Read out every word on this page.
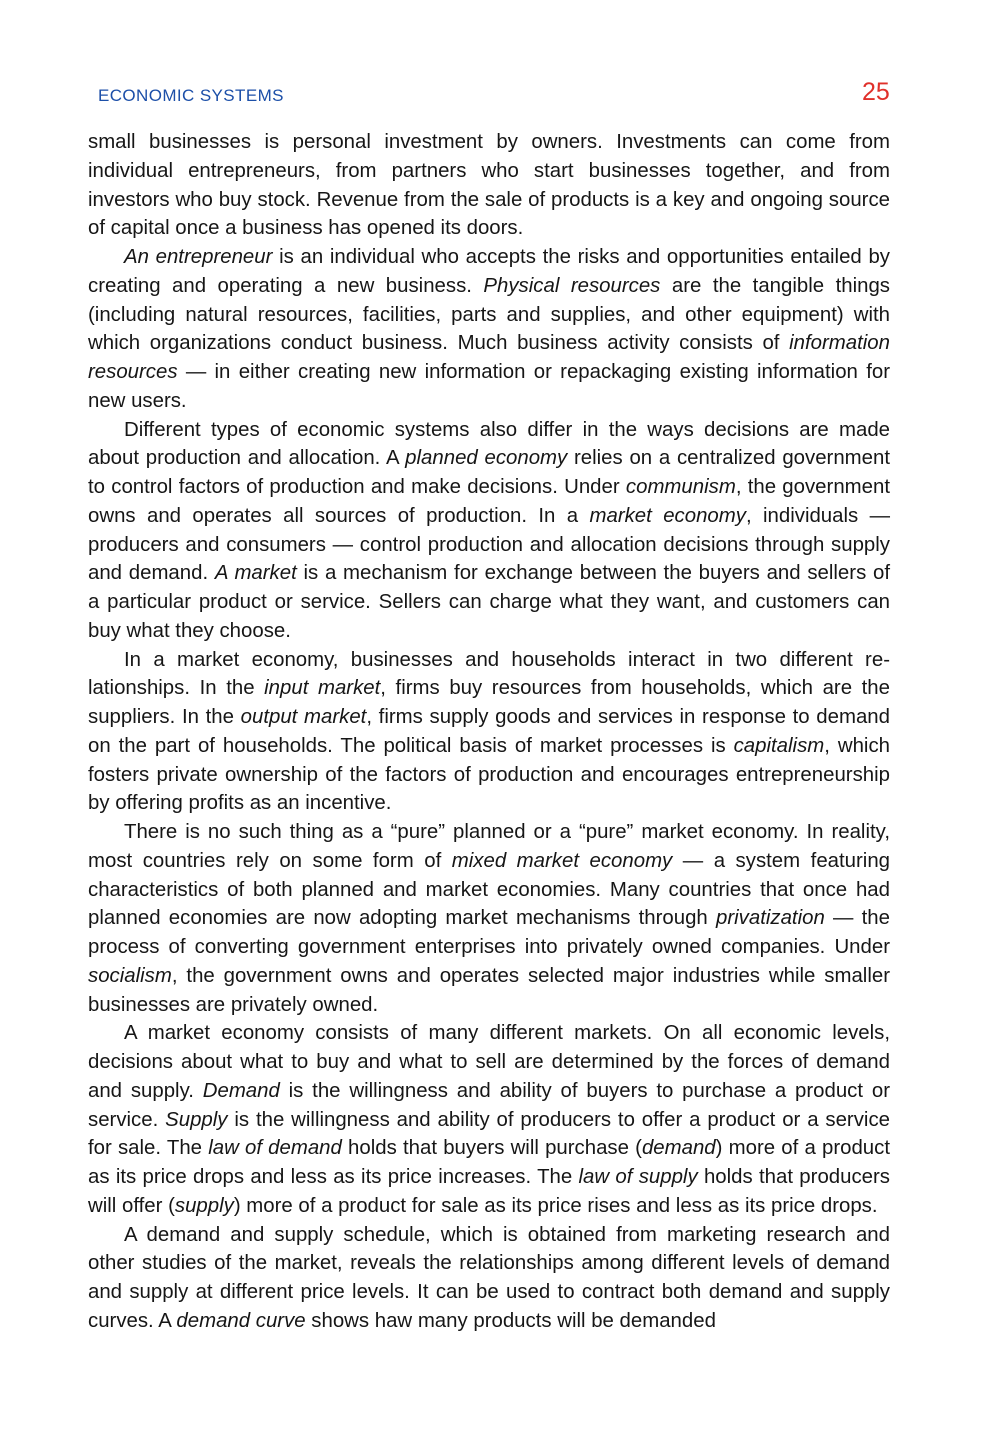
ECONOMIC SYSTEMS	25

small businesses is personal investment by owners. Investments can come from individual entrepreneurs, from partners who start businesses together, and from investors who buy stock. Revenue from the sale of products is a key and ongoing source of capital once a business has opened its doors.

An entrepreneur is an individual who accepts the risks and opportunities entailed by creating and operating a new business. Physical resources are the tangible things (including natural resources, facilities, parts and supplies, and other equipment) with which organizations conduct business. Much business activity consists of information resources — in either creating new information or repackaging existing information for new users.

Different types of economic systems also differ in the ways decisions are made about production and allocation. A planned economy relies on a centralized government to control factors of production and make decisions. Under communism, the government owns and operates all sources of production. In a market economy, individuals — producers and consumers — control production and allocation decisions through supply and demand. A market is a mechanism for exchange between the buyers and sellers of a particular product or service. Sellers can charge what they want, and customers can buy what they choose.

In a market economy, businesses and households interact in two different relationships. In the input market, firms buy resources from households, which are the suppliers. In the output market, firms supply goods and services in response to demand on the part of households. The political basis of market processes is capitalism, which fosters private ownership of the factors of production and encourages entrepreneurship by offering profits as an incentive.

There is no such thing as a “pure” planned or a “pure” market economy. In reality, most countries rely on some form of mixed market economy — a system featuring characteristics of both planned and market economies. Many countries that once had planned economies are now adopting market mechanisms through privatization — the process of converting government enterprises into privately owned companies. Under socialism, the government owns and operates selected major industries while smaller businesses are privately owned.

A market economy consists of many different markets. On all economic levels, decisions about what to buy and what to sell are determined by the forces of demand and supply. Demand is the willingness and ability of buyers to purchase a product or service. Supply is the willingness and ability of producers to offer a product or a service for sale. The law of demand holds that buyers will purchase (demand) more of a product as its price drops and less as its price increases. The law of supply holds that producers will offer (supply) more of a product for sale as its price rises and less as its price drops.

A demand and supply schedule, which is obtained from marketing research and other studies of the market, reveals the relationships among different levels of demand and supply at different price levels. It can be used to contract both demand and supply curves. A demand curve shows haw many products will be demanded
